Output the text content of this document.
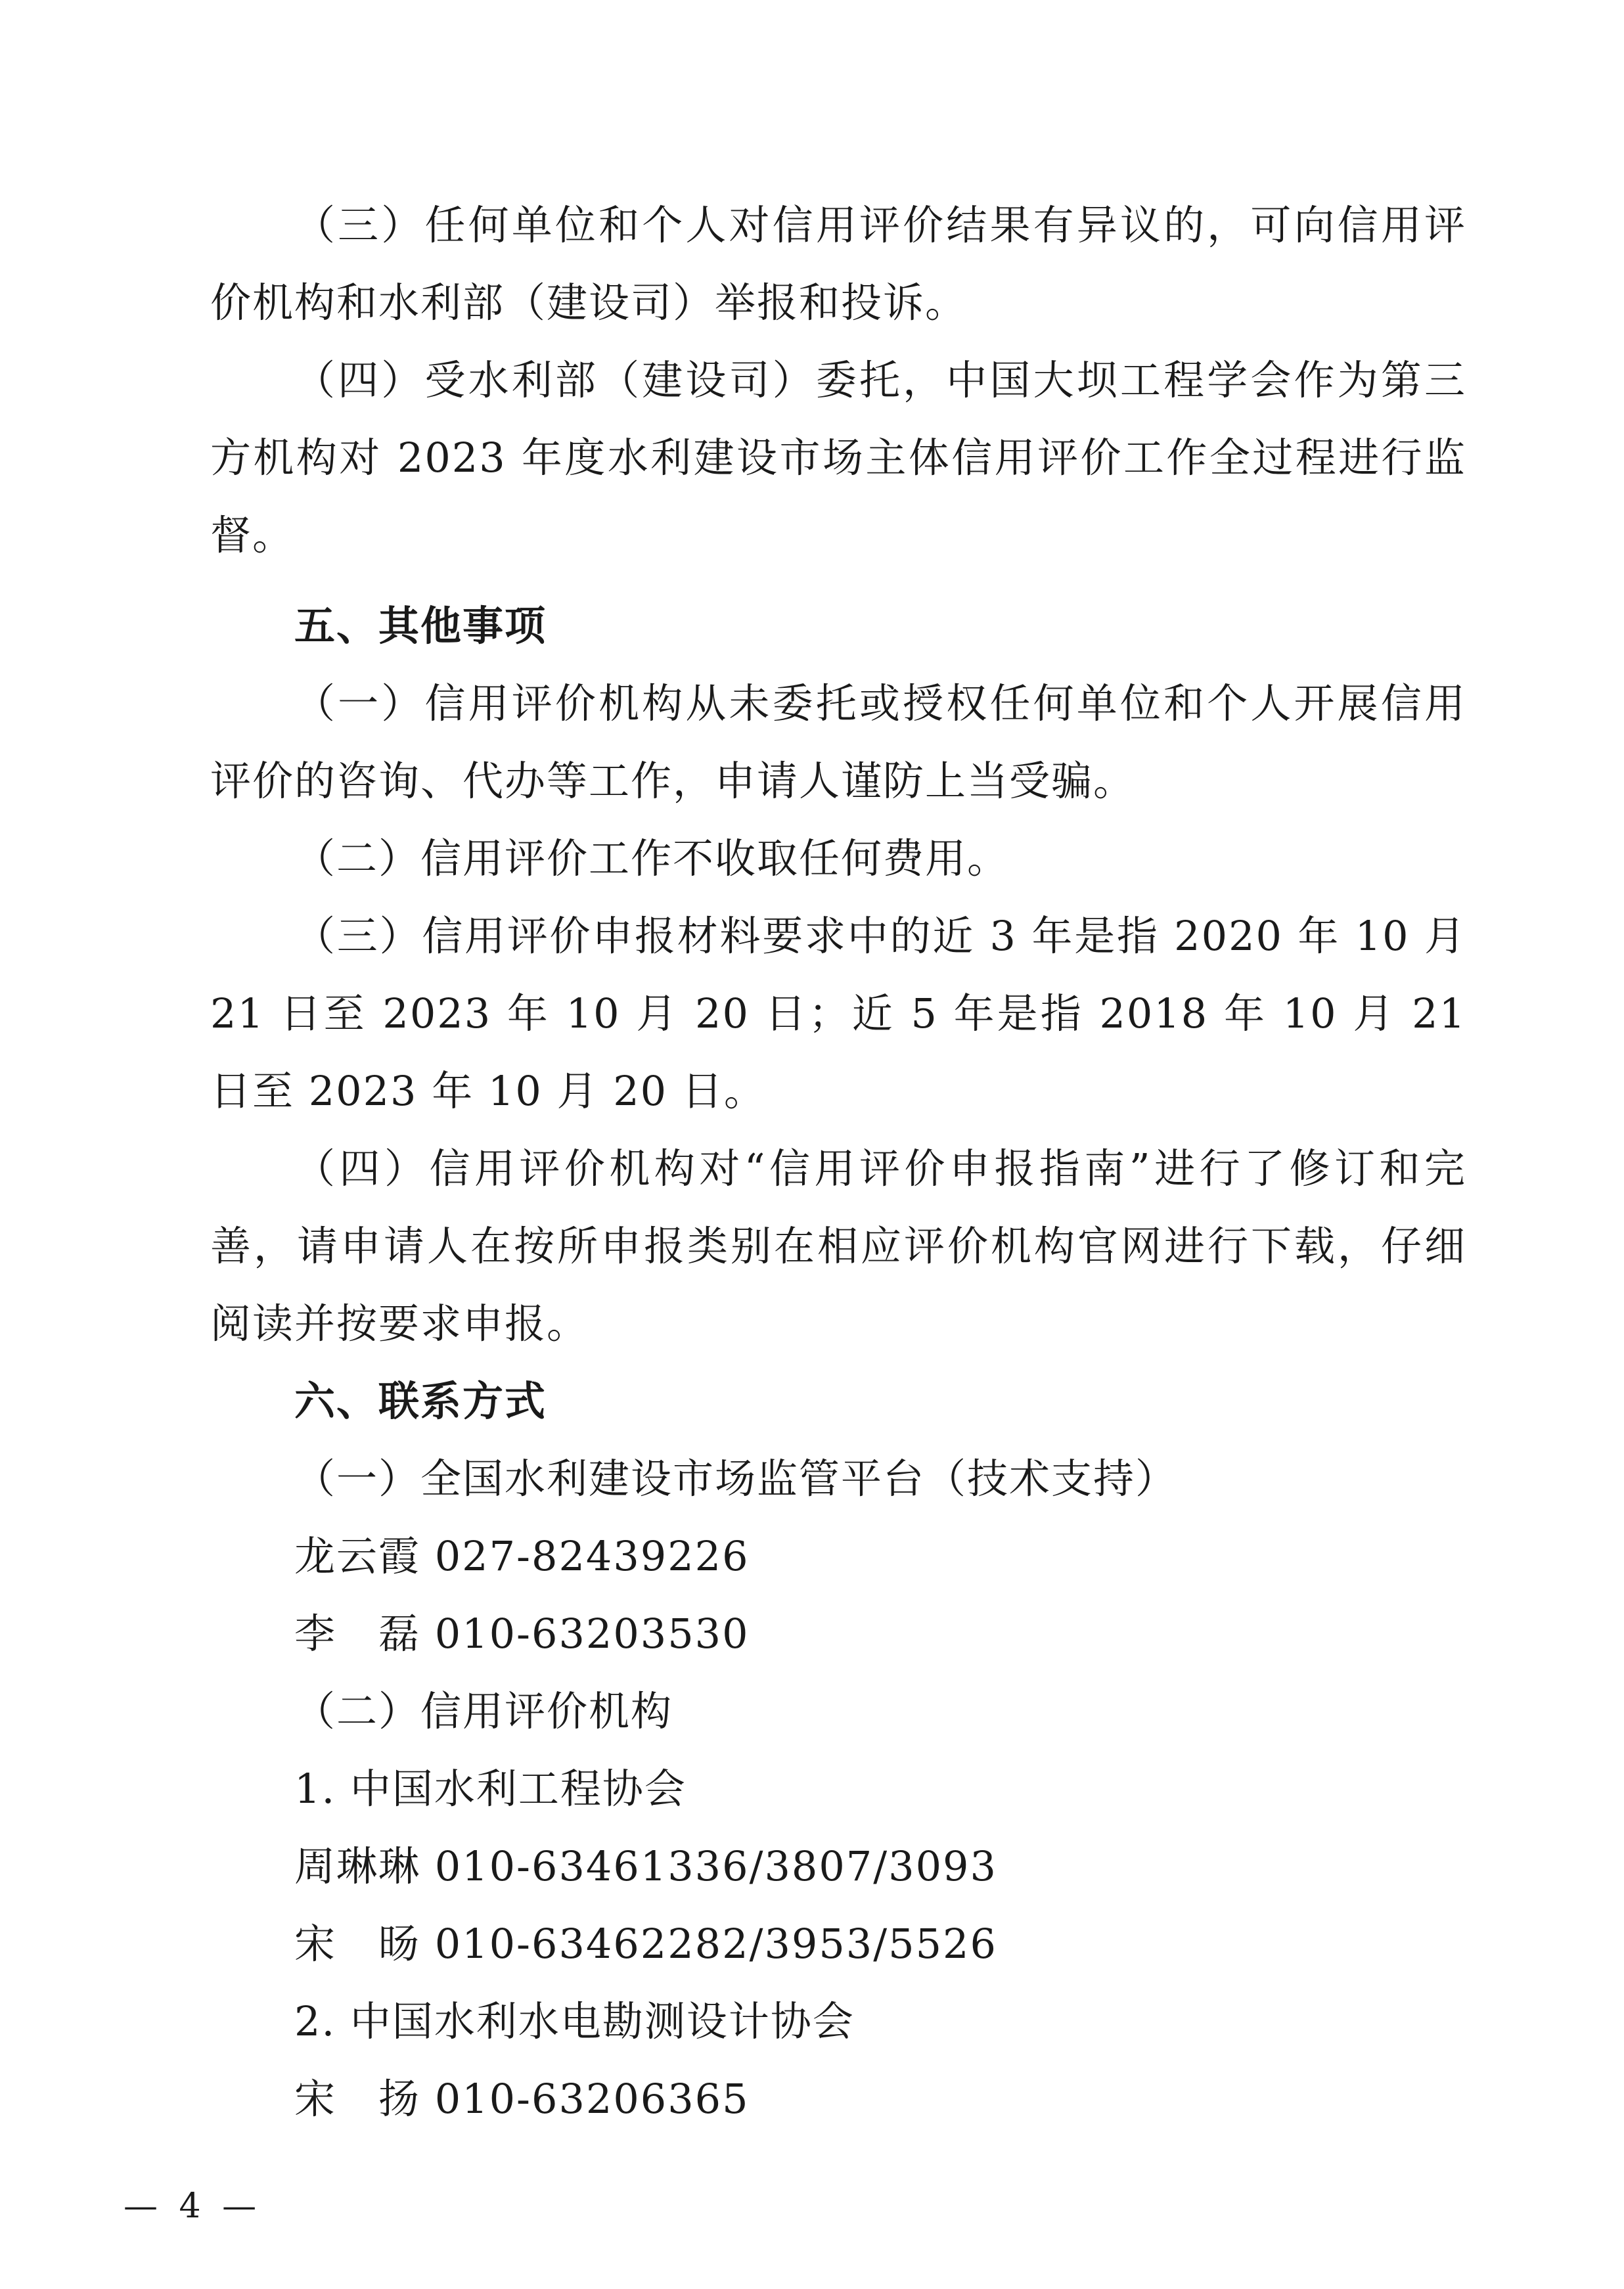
（三）任何单位和个人对信用评价结果有异议的，可向信用评价机构和水利部（建设司）举报和投诉。

（四）受水利部（建设司）委托，中国大坝工程学会作为第三方机构对 2023 年度水利建设市场主体信用评价工作全过程进行监督。

五、其他事项

（一）信用评价机构从未委托或授权任何单位和个人开展信用评价的咨询、代办等工作，申请人谨防上当受骗。

（二）信用评价工作不收取任何费用。

（三）信用评价申报材料要求中的近 3 年是指 2020 年 10 月 21 日至 2023 年 10 月 20 日；近 5 年是指 2018 年 10 月 21 日至 2023 年 10 月 20 日。

（四）信用评价机构对“信用评价申报指南”进行了修订和完善，请申请人在按所申报类别在相应评价机构官网进行下载，仔细阅读并按要求申报。

六、联系方式

（一）全国水利建设市场监管平台（技术支持）

龙云霞 027-82439226

李　磊 010-63203530

（二）信用评价机构

1. 中国水利工程协会

周琳琳 010-63461336/3807/3093

宋　旸 010-63462282/3953/5526

2. 中国水利水电勘测设计协会

宋　扬 010-63206365

— 4 —
